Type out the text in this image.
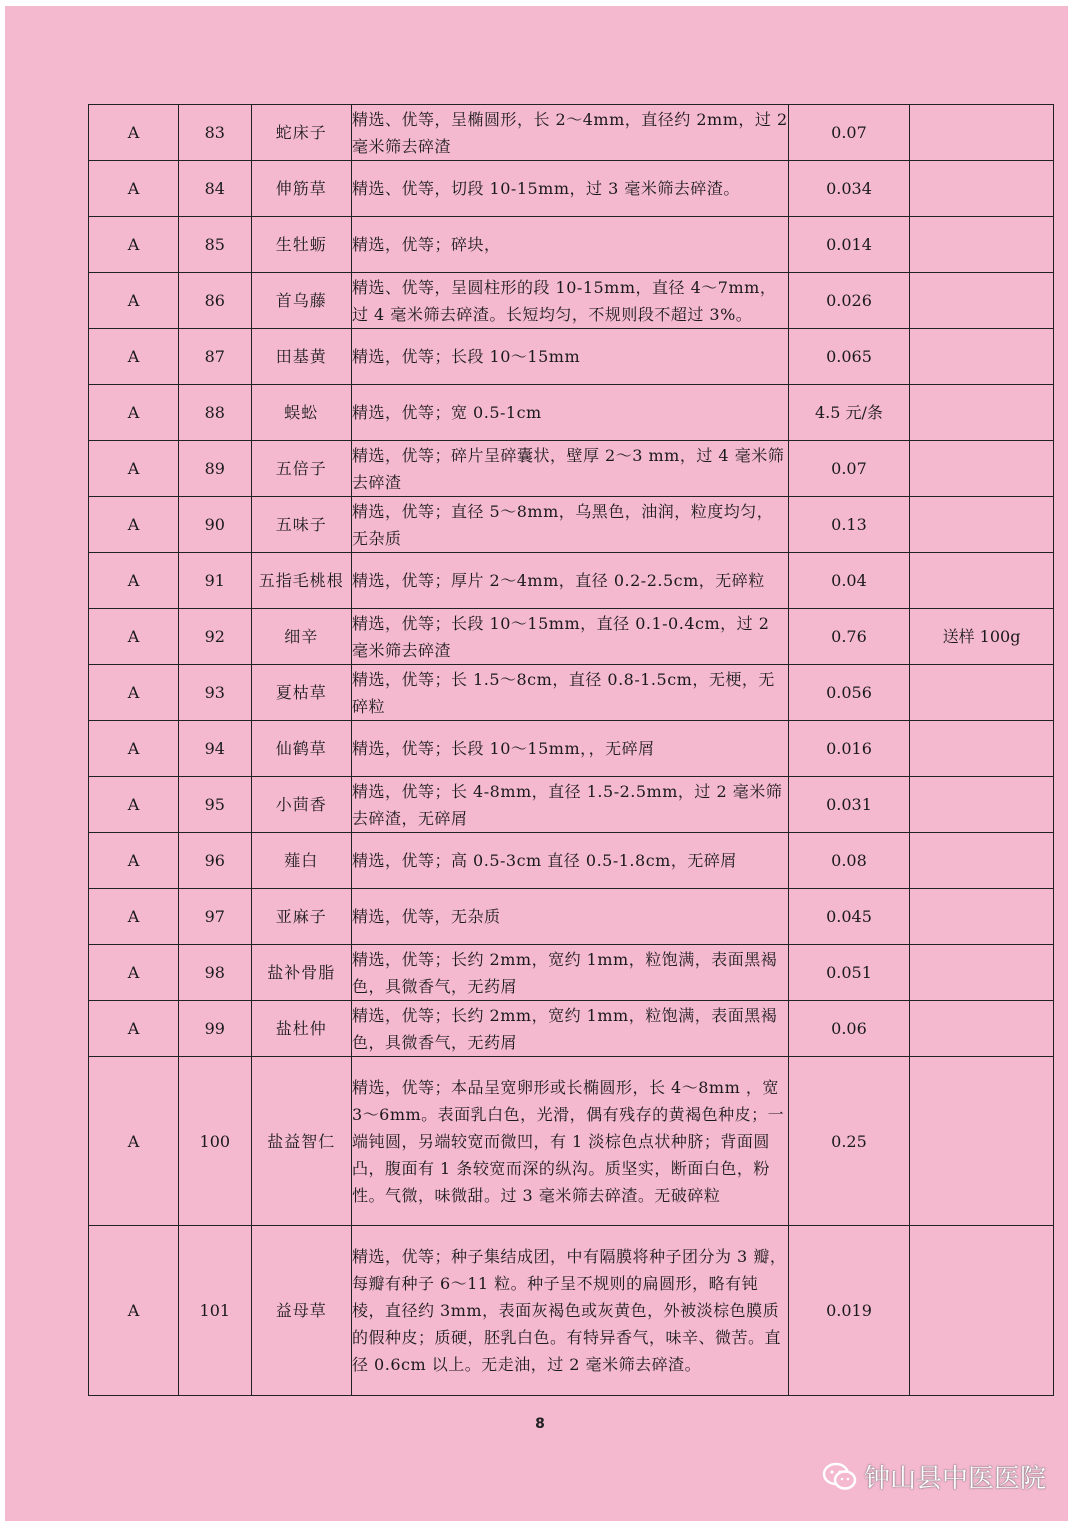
A	83	蛇床子	精选、优等，呈椭圆形，长 2～4mm，直径约 2mm，过 2 毫米筛去碎渣	0.07	
A	84	伸筋草	精选、优等，切段 10-15mm，过 3 毫米筛去碎渣。	0.034	
A	85	生牡蛎	精选，优等；碎块，	0.014	
A	86	首乌藤	精选、优等，呈圆柱形的段 10-15mm，直径 4～7mm，过 4 毫米筛去碎渣。长短均匀，不规则段不超过 3%。	0.026	
A	87	田基黄	精选，优等；长段 10～15mm	0.065	
A	88	蜈蚣	精选，优等；宽 0.5-1cm	4.5 元/条	
A	89	五倍子	精选，优等；碎片呈碎囊状，壁厚 2～3 mm，过 4 毫米筛去碎渣	0.07	
A	90	五味子	精选，优等；直径 5～8mm，乌黑色，油润，粒度均匀，无杂质	0.13	
A	91	五指毛桃根	精选，优等；厚片 2～4mm，直径 0.2-2.5cm，无碎粒	0.04	
A	92	细辛	精选，优等；长段 10～15mm，直径 0.1-0.4cm，过 2 毫米筛去碎渣	0.76	送样 100g
A	93	夏枯草	精选，优等；长 1.5～8cm，直径 0.8-1.5cm，无梗，无碎粒	0.056	
A	94	仙鹤草	精选，优等；长段 10～15mm，，无碎屑	0.016	
A	95	小茴香	精选，优等；长 4-8mm，直径 1.5-2.5mm，过 2 毫米筛去碎渣，无碎屑	0.031	
A	96	薤白	精选，优等；高 0.5-3cm 直径 0.5-1.8cm，无碎屑	0.08	
A	97	亚麻子	精选，优等，无杂质	0.045	
A	98	盐补骨脂	精选，优等；长约 2mm，宽约 1mm，粒饱满，表面黑褐色，具微香气，无药屑	0.051	
A	99	盐杜仲	精选，优等；长约 2mm，宽约 1mm，粒饱满，表面黑褐色，具微香气，无药屑	0.06	
A	100	盐益智仁	精选，优等；本品呈宽卵形或长椭圆形，长 4～8mm ，宽 3～6mm。表面乳白色，光滑，偶有残存的黄褐色种皮；一端钝圆，另端较宽而微凹，有 1 淡棕色点状种脐；背面圆凸，腹面有 1 条较宽而深的纵沟。质坚实，断面白色，粉性。气微，味微甜。过 3 毫米筛去碎渣。无破碎粒	0.25	
A	101	益母草	精选，优等；种子集结成团，中有隔膜将种子团分为 3 瓣，每瓣有种子 6～11 粒。种子呈不规则的扁圆形，略有钝棱，直径约 3mm，表面灰褐色或灰黄色，外被淡棕色膜质的假种皮；质硬，胚乳白色。有特异香气，味辛、微苦。直径 0.6cm 以上。无走油，过 2 毫米筛去碎渣。	0.019	
8
钟山县中医医院
